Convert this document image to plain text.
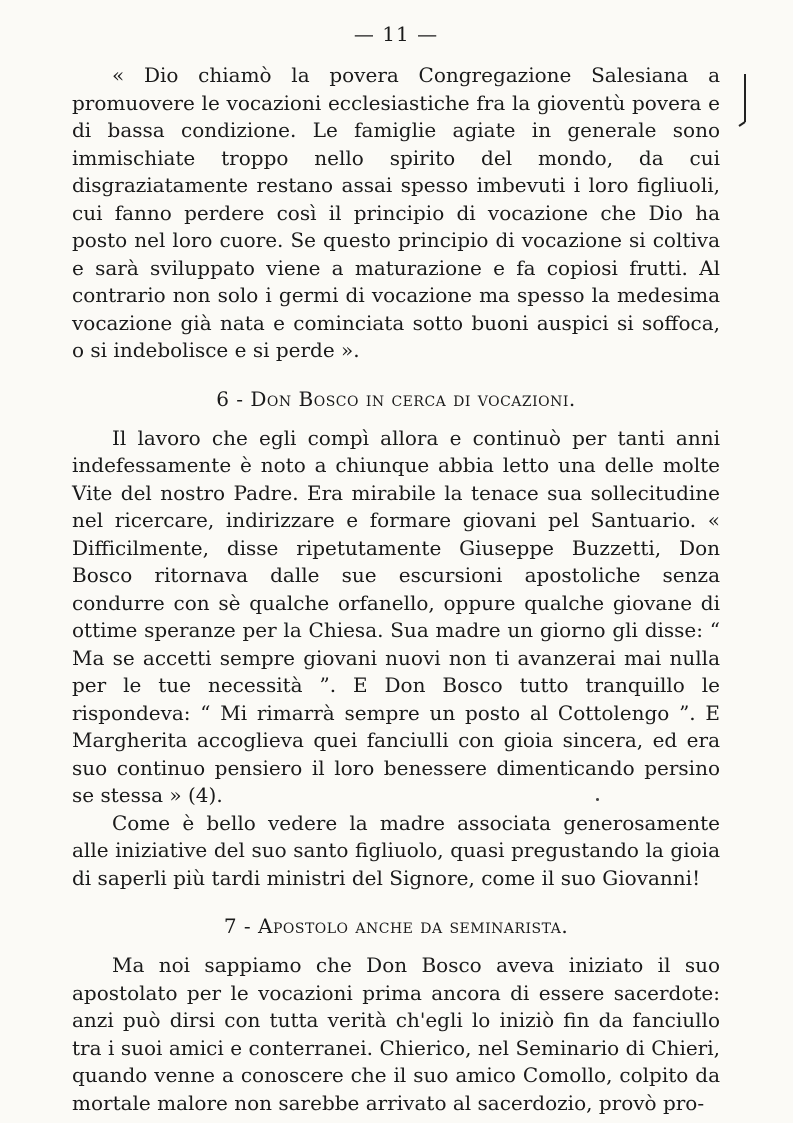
— 11 —

« Dio chiamò la povera Congregazione Salesiana a promuovere le vocazioni ecclesiastiche fra la gioventù povera e di bassa condizione. Le famiglie agiate in generale sono immischiate troppo nello spirito del mondo, da cui disgraziatamente restano assai spesso imbevuti i loro figliuoli, cui fanno perdere così il principio di vocazione che Dio ha posto nel loro cuore. Se questo principio di vocazione si coltiva e sarà sviluppato viene a maturazione e fa copiosi frutti. Al contrario non solo i germi di vocazione ma spesso la medesima vocazione già nata e cominciata sotto buoni auspici si soffoca, o si indebolisce e si perde ».

6 - Don Bosco in cerca di vocazioni.

Il lavoro che egli compì allora e continuò per tanti anni indefessamente è noto a chiunque abbia letto una delle molte Vite del nostro Padre. Era mirabile la tenace sua sollecitudine nel ricercare, indirizzare e formare giovani pel Santuario. « Difficilmente, disse ripetutamente Giuseppe Buzzetti, Don Bosco ritornava dalle sue escursioni apostoliche senza condurre con sè qualche orfanello, oppure qualche giovane di ottime speranze per la Chiesa. Sua madre un giorno gli disse: “ Ma se accetti sempre giovani nuovi non ti avanzerai mai nulla per le tue necessità ”. E Don Bosco tutto tranquillo le rispondeva: “ Mi rimarrà sempre un posto al Cottolengo ”. E Margherita accoglieva quei fanciulli con gioia sincera, ed era suo continuo pensiero il loro benessere dimenticando persino se stessa » (4).

Come è bello vedere la madre associata generosamente alle iniziative del suo santo figliuolo, quasi pregustando la gioia di saperli più tardi ministri del Signore, come il suo Giovanni!

7 - Apostolo anche da seminarista.

Ma noi sappiamo che Don Bosco aveva iniziato il suo apostolato per le vocazioni prima ancora di essere sacerdote: anzi può dirsi con tutta verità ch'egli lo iniziò fin da fanciullo tra i suoi amici e conterranei. Chierico, nel Seminario di Chieri, quando venne a conoscere che il suo amico Comollo, colpito da mortale malore non sarebbe arrivato al sacerdozio, provò pro-
